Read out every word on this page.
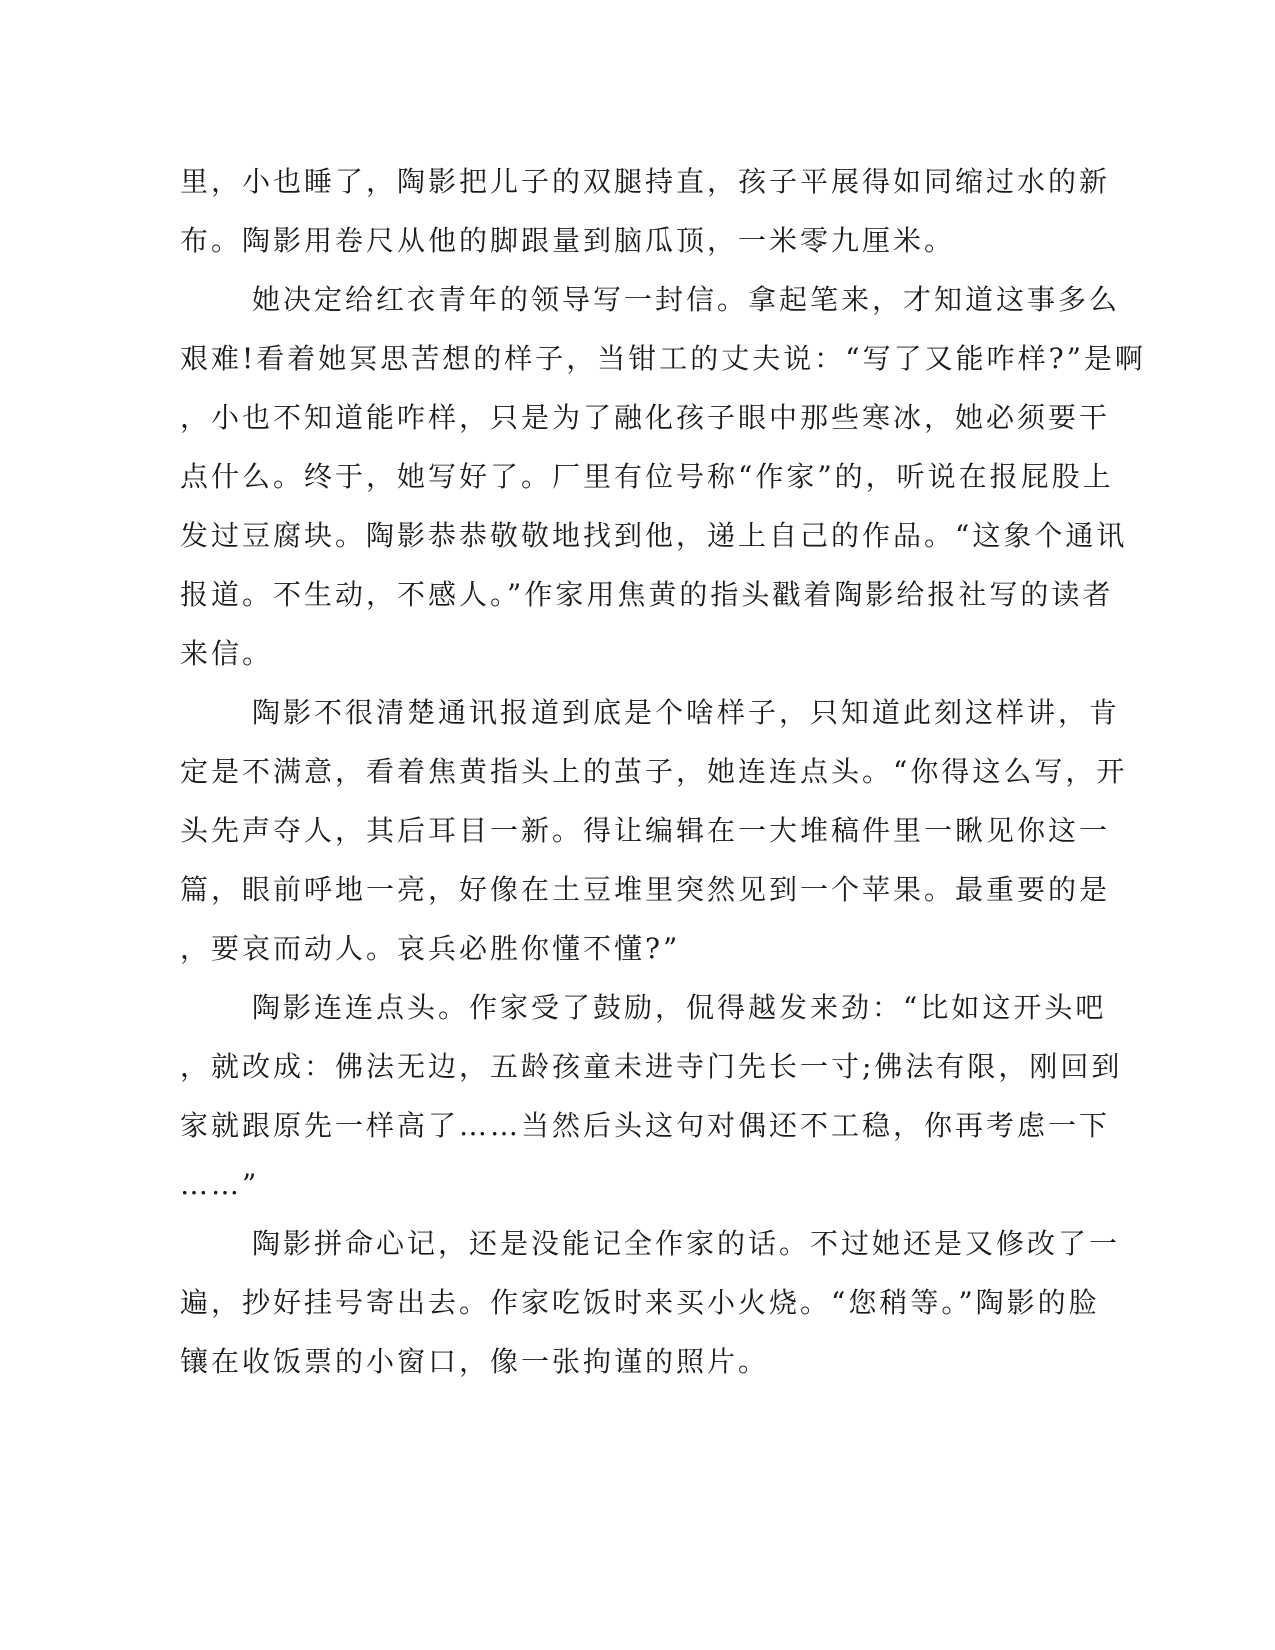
里，小也睡了，陶影把儿子的双腿持直，孩子平展得如同缩过水的新
布。陶影用卷尺从他的脚跟量到脑瓜顶，一米零九厘米。
她决定给红衣青年的领导写一封信。拿起笔来，才知道这事多么
艰难!看着她冥思苦想的样子，当钳工的丈夫说：“写了又能咋样?”是啊
，小也不知道能咋样，只是为了融化孩子眼中那些寒冰，她必须要干
点什么。终于，她写好了。厂里有位号称“作家”的，听说在报屁股上
发过豆腐块。陶影恭恭敬敬地找到他，递上自己的作品。“这象个通讯
报道。不生动，不感人。”作家用焦黄的指头戳着陶影给报社写的读者
来信。
陶影不很清楚通讯报道到底是个啥样子，只知道此刻这样讲，肯
定是不满意，看着焦黄指头上的茧子，她连连点头。“你得这么写，开
头先声夺人，其后耳目一新。得让编辑在一大堆稿件里一瞅见你这一
篇，眼前呼地一亮，好像在土豆堆里突然见到一个苹果。最重要的是
，要哀而动人。哀兵必胜你懂不懂?”
陶影连连点头。作家受了鼓励，侃得越发来劲：“比如这开头吧
，就改成：佛法无边，五龄孩童未进寺门先长一寸;佛法有限，刚回到
家就跟原先一样高了……当然后头这句对偶还不工稳，你再考虑一下
……”
陶影拼命心记，还是没能记全作家的话。不过她还是又修改了一
遍，抄好挂号寄出去。作家吃饭时来买小火烧。“您稍等。”陶影的脸
镶在收饭票的小窗口，像一张拘谨的照片。
